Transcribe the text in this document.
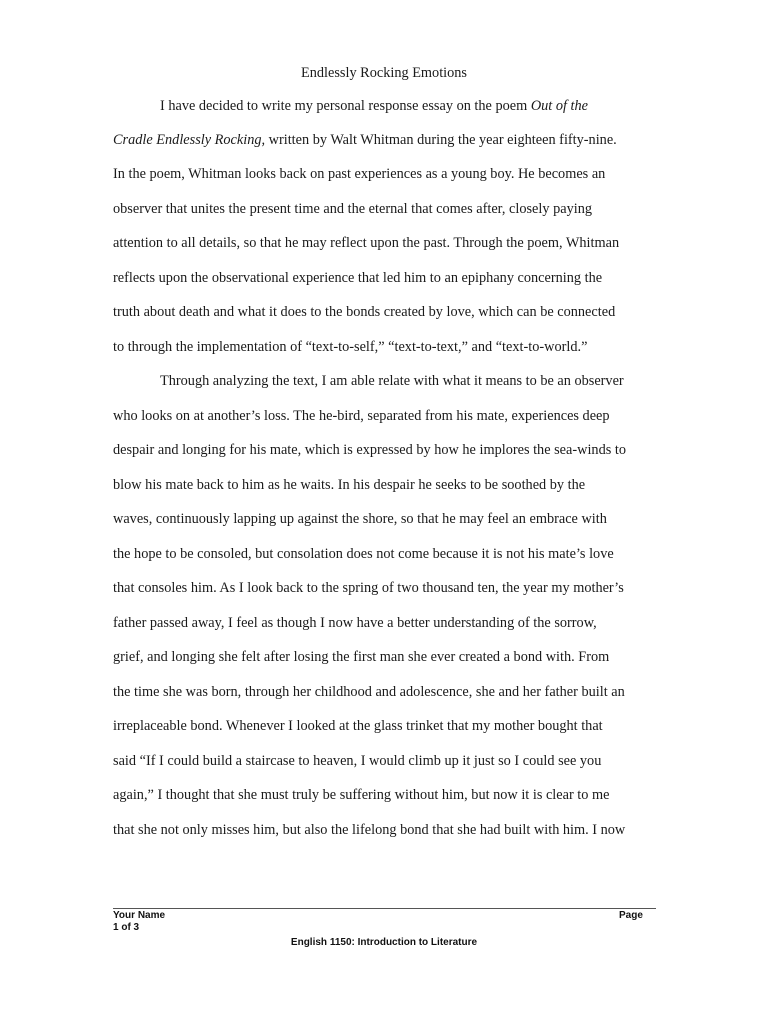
Endlessly Rocking Emotions
I have decided to write my personal response essay on the poem Out of the
Cradle Endlessly Rocking, written by Walt Whitman during the year eighteen fifty-nine.
In the poem, Whitman looks back on past experiences as a young boy. He becomes an
observer that unites the present time and the eternal that comes after, closely paying
attention to all details, so that he may reflect upon the past. Through the poem, Whitman
reflects upon the observational experience that led him to an epiphany concerning the
truth about death and what it does to the bonds created by love, which can be connected
to through the implementation of “text-to-self,” “text-to-text,” and “text-to-world.”
Through analyzing the text, I am able relate with what it means to be an observer
who looks on at another’s loss. The he-bird, separated from his mate, experiences deep
despair and longing for his mate, which is expressed by how he implores the sea-winds to
blow his mate back to him as he waits. In his despair he seeks to be soothed by the
waves, continuously lapping up against the shore, so that he may feel an embrace with
the hope to be consoled, but consolation does not come because it is not his mate’s love
that consoles him. As I look back to the spring of two thousand ten, the year my mother’s
father passed away, I feel as though I now have a better understanding of the sorrow,
grief, and longing she felt after losing the first man she ever created a bond with. From
the time she was born, through her childhood and adolescence, she and her father built an
irreplaceable bond. Whenever I looked at the glass trinket that my mother bought that
said “If I could build a staircase to heaven, I would climb up it just so I could see you
again,” I thought that she must truly be suffering without him, but now it is clear to me
that she not only misses him, but also the lifelong bond that she had built with him. I now
Your Name	Page
1 of 3
English 1150: Introduction to Literature
